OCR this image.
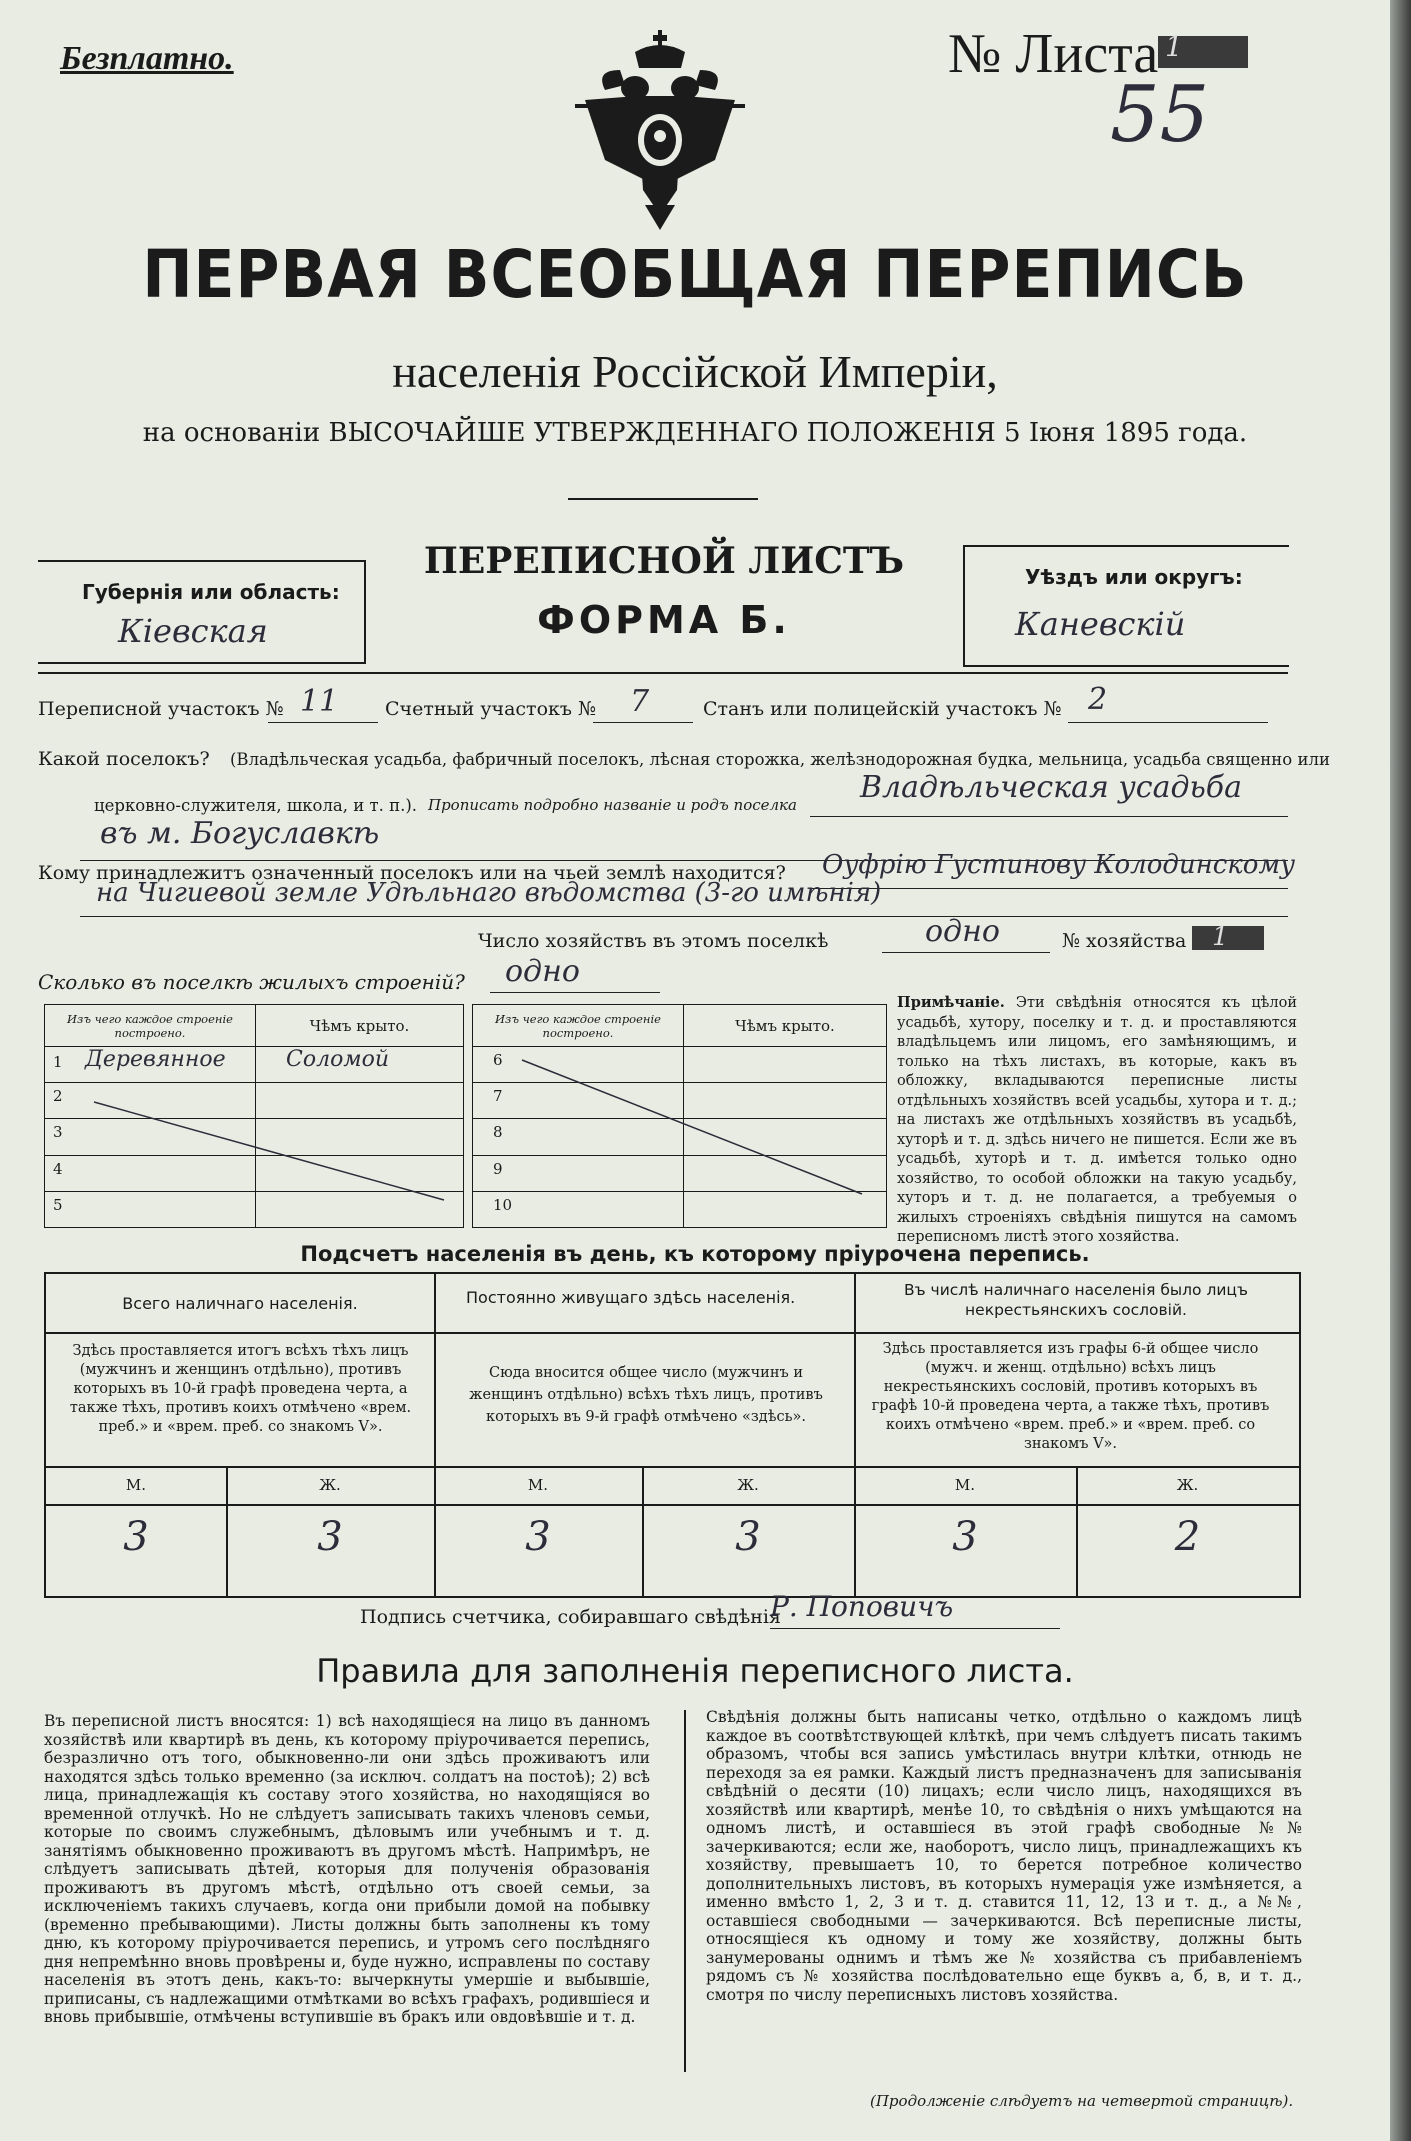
Безплатно.	№ Листа 1
55
ПЕРВАЯ ВСЕОБЩАЯ ПЕРЕПИСЬ
населенія Россійской Имперіи,
на основаніи ВЫСОЧАЙШЕ УТВЕРЖДЕННАГО ПОЛОЖЕНІЯ 5 Іюня 1895 года.
Губернія или область:
Кіевская
ПЕРЕПИСНОЙ ЛИСТЪ
ФОРМА Б.
Уѣздъ или округъ:
Каневскій
Переписной участокъ № 11 Счетный участокъ № 7	Станъ или полицейскій участокъ № 2
Какой поселокъ? (Владѣльческая усадьба, фабричный поселокъ, лѣсная сторожка, желѣзнодорожная будка, мельница, усадьба священно или
церковно-служителя, школа, и т. п.). Прописать подробно названіе и родъ поселка Владѣльческая усадьба
въ м. Богуславкѣ
Кому принадлежитъ означенный поселокъ или на чьей землѣ находится? Оуфрію Густинову Колодинскому
на Чигиевой земле Удѣльнаго вѣдомства (3-го имѣнія)
Число хозяйствъ въ этомъ поселкѣ	одно	№ хозяйства 1
Сколько въ поселкѣ жилыхъ строеній? одно
Изъ чего каждое строеніе построено.	Чѣмъ крыто.

1 Деревянное	Соломой

2	

3	

4	

5	

Изъ чего каждое строеніе построено.	Чѣмъ крыто.

6	

7	

8	

9	

10	

Примѣчаніе. Эти свѣдѣнія относятся къ цѣлой усадьбѣ, хутору, поселку и т. д. и проставляются владѣльцемъ или лицомъ, его замѣняющимъ, и только на тѣхъ листахъ, въ которые, какъ въ обложку, вкладываются переписные листы отдѣльныхъ хозяйствъ всей усадьбы, хутора и т. д.; на листахъ же отдѣльныхъ хозяйствъ въ усадьбѣ, хуторѣ и т. д. здѣсь ничего не пишется. Если же въ усадьбѣ, хуторѣ и т. д. имѣется только одно хозяйство, то особой обложки на такую усадьбу, хуторъ и т. д. не полагается, а требуемыя о жилыхъ строеніяхъ свѣдѣнія пишутся на самомъ переписномъ листѣ этого хозяйства.
Подсчетъ населенія въ день, къ которому пріурочена перепись.
Всего наличнаго населенія.	Постоянно живущаго здѣсь населенія.	Въ числѣ наличнаго населенія было лицъ некрестьянскихъ сословій.
Здѣсь проставляется итогъ всѣхъ тѣхъ лицъ (мужчинъ и женщинъ отдѣльно), противъ которыхъ въ 10-й графѣ проведена черта, а также тѣхъ, противъ коихъ отмѣчено «врем. преб.» и «врем. преб. со знакомъ V».
Сюда вносится общее число (мужчинъ и женщинъ отдѣльно) всѣхъ тѣхъ лицъ, противъ которыхъ въ 9-й графѣ отмѣчено «здѣсь».
Здѣсь проставляется изъ графы 6-й общее число (мужч. и женщ. отдѣльно) всѣхъ лицъ некрестьянскихъ сословій, противъ которыхъ въ графѣ 10-й проведена черта, а также тѣхъ, противъ коихъ отмѣчено «врем. преб.» и «врем. преб. со знакомъ V».
М.	Ж.	М.	Ж.	М.	Ж.
3	3	3	3	3	2
Подпись счетчика, собиравшаго свѣдѣнія
Р. Поповичъ
Правила для заполненія переписного листа.
Въ переписной листъ вносятся: 1) всѣ находящіеся на лицо въ данномъ хозяйствѣ или квартирѣ въ день, къ которому пріурочивается перепись, безразлично отъ того, обыкновенно-ли они здѣсь проживаютъ или находятся здѣсь только временно (за исключ. солдатъ на постоѣ); 2) всѣ лица, принадлежащія къ составу этого хозяйства, но находящіяся во временной отлучкѣ. Но не слѣдуетъ записывать такихъ членовъ семьи, которые по своимъ служебнымъ, дѣловымъ или учебнымъ и т. д. занятіямъ обыкновенно проживаютъ въ другомъ мѣстѣ. Напримѣръ, не слѣдуетъ записывать дѣтей, которыя для полученія образованія проживаютъ въ другомъ мѣстѣ, отдѣльно отъ своей семьи, за исключеніемъ такихъ случаевъ, когда они прибыли домой на побывку (временно пребывающими). Листы должны быть заполнены къ тому дню, къ которому пріурочивается перепись, и утромъ сего послѣдняго дня непремѣнно вновь провѣрены и, буде нужно, исправлены по составу населенія въ этотъ день, какъ-то: вычеркнуты умершіе и выбывшіе, приписаны, съ надлежащими отмѣтками во всѣхъ графахъ, родившіеся и вновь прибывшіе, отмѣчены вступившіе въ бракъ или овдовѣвшіе и т. д.
Свѣдѣнія должны быть написаны четко, отдѣльно о каждомъ лицѣ каждое въ соотвѣтствующей клѣткѣ, при чемъ слѣдуетъ писать такимъ образомъ, чтобы вся запись умѣстилась внутри клѣтки, отнюдь не переходя за ея рамки. Каждый листъ предназначенъ для записыванія свѣдѣній о десяти (10) лицахъ; если число лицъ, находящихся въ хозяйствѣ или квартирѣ, менѣе 10, то свѣдѣнія о нихъ умѣщаются на одномъ листѣ, и оставшіеся въ этой графѣ свободные №№ зачеркиваются; если же, наоборотъ, число лицъ, принадлежащихъ къ хозяйству, превышаетъ 10, то берется потребное количество дополнительныхъ листовъ, въ которыхъ нумерація уже измѣняется, а именно вмѣсто 1, 2, 3 и т. д. ставится 11, 12, 13 и т. д., а №№, оставшіеся свободными — зачеркиваются. Всѣ переписные листы, относящіеся къ одному и тому же хозяйству, должны быть занумерованы однимъ и тѣмъ же № хозяйства съ прибавленіемъ рядомъ съ № хозяйства послѣдовательно еще буквъ а, б, в, и т. д., смотря по числу переписныхъ листовъ хозяйства.
(Продолженіе слѣдуетъ на четвертой страницѣ).
